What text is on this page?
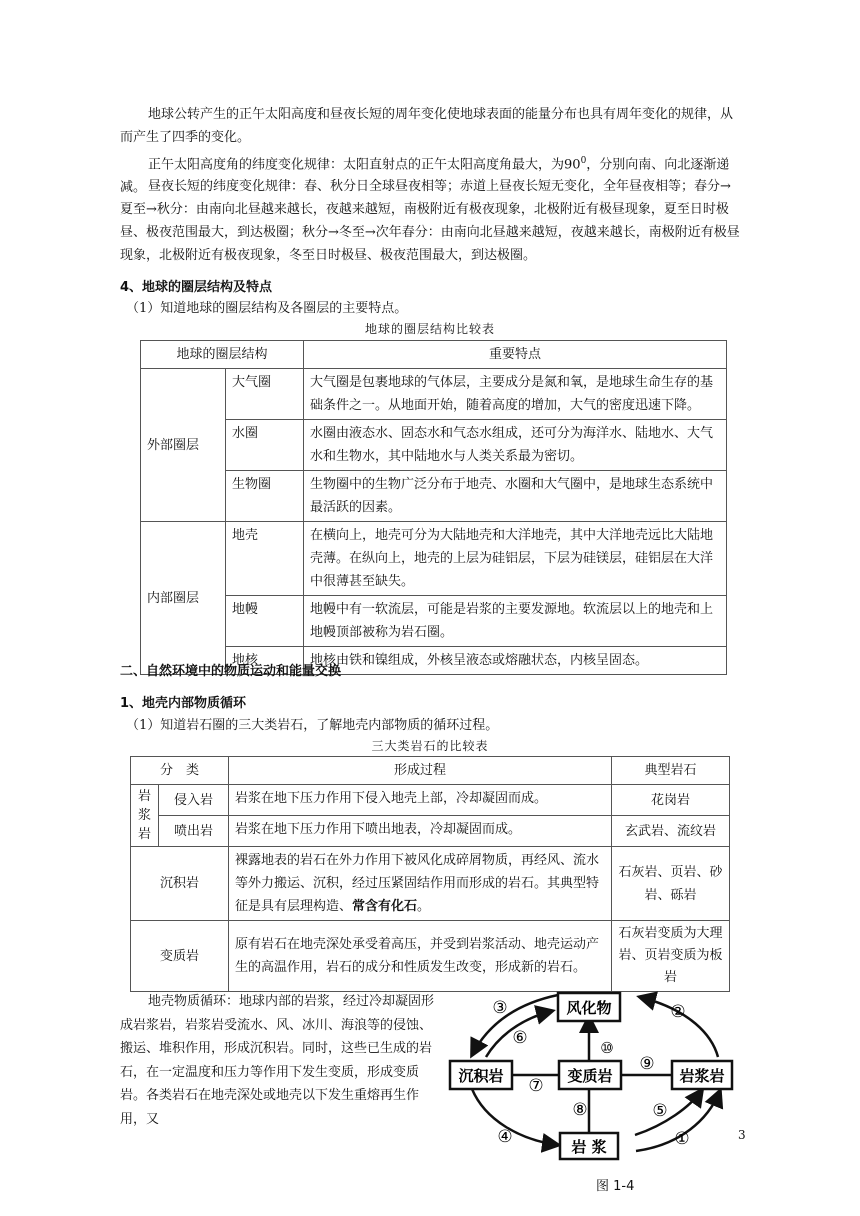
地球公转产生的正午太阳高度和昼夜长短的周年变化使地球表面的能量分布也具有周年变化的规律，从而产生了四季的变化。

正午太阳高度角的纬度变化规律：太阳直射点的正午太阳高度角最大，为$90^0$，分别向南、向北逐渐递减。 昼夜长短的纬度变化规律：春、秋分日全球昼夜相等；赤道上昼夜长短无变化，全年昼夜相等；春分→夏至→秋分：由南向北昼越来越长，夜越来越短，南极附近有极夜现象，北极附近有极昼现象，夏至日时极昼、极夜范围最大，到达极圈；秋分→冬至→次年春分：由南向北昼越来越短，夜越来越长，南极附近有极昼现象，北极附近有极夜现象，冬至日时极昼、极夜范围最大，到达极圈。

4、地球的圈层结构及特点

（1）知道地球的圈层结构及各圈层的主要特点。

地球的圈层结构比较表
地球的圈层结构		重要特点
外部圈层	大气圈	大气圈是包裹地球的气体层，主要成分是氮和氧，是地球生命生存的基础条件之一。从地面开始，随着高度的增加，大气的密度迅速下降。
	水圈	水圈由液态水、固态水和气态水组成，还可分为海洋水、陆地水、大气水和生物水，其中陆地水与人类关系最为密切。
	生物圈	生物圈中的生物广泛分布于地壳、水圈和大气圈中，是地球生态系统中最活跃的因素。
内部圈层	地壳	在横向上，地壳可分为大陆地壳和大洋地壳，其中大洋地壳远比大陆地壳薄。在纵向上，地壳的上层为硅铝层，下层为硅镁层，硅铝层在大洋中很薄甚至缺失。
	地幔	地幔中有一软流层，可能是岩浆的主要发源地。软流层以上的地壳和上地幔顶部被称为岩石圈。
	地核	地核由铁和镍组成，外核呈液态或熔融状态，内核呈固态。

二、自然环境中的物质运动和能量交换

1、地壳内部物质循环

（1）知道岩石圈的三大类岩石，了解地壳内部物质的循环过程。

三大类岩石的比较表
分　类		形成过程	典型岩石
岩浆岩	侵入岩	岩浆在地下压力作用下侵入地壳上部，冷却凝固而成。	花岗岩
	喷出岩	岩浆在地下压力作用下喷出地表，冷却凝固而成。	玄武岩、流纹岩
沉积岩		裸露地表的岩石在外力作用下被风化成碎屑物质，再经风、流水等外力搬运、沉积，经过压紧固结作用而形成的岩石。其典型特征是具有层理构造、常含有化石。	石灰岩、页岩、砂岩、砾岩
变质岩		原有岩石在地壳深处承受着高压，并受到岩浆活动、地壳运动产生的高温作用，岩石的成分和性质发生改变，形成新的岩石。	石灰岩变质为大理岩、页岩变质为板岩

地壳物质循环：地球内部的岩浆，经过冷却凝固形成岩浆岩，岩浆岩受流水、风、冰川、海浪等的侵蚀、搬运、堆积作用，形成沉积岩。同时，这些已生成的岩石，在一定温度和压力等作用下发生变质，形成变质岩。各类岩石在地壳深处或地壳以下发生重熔再生作用，又

风化物
沉积岩	变质岩	岩浆岩
岩 浆
③	②
⑥	⑩
⑨
⑦
⑧	⑤
④	①	3
图 1-4
